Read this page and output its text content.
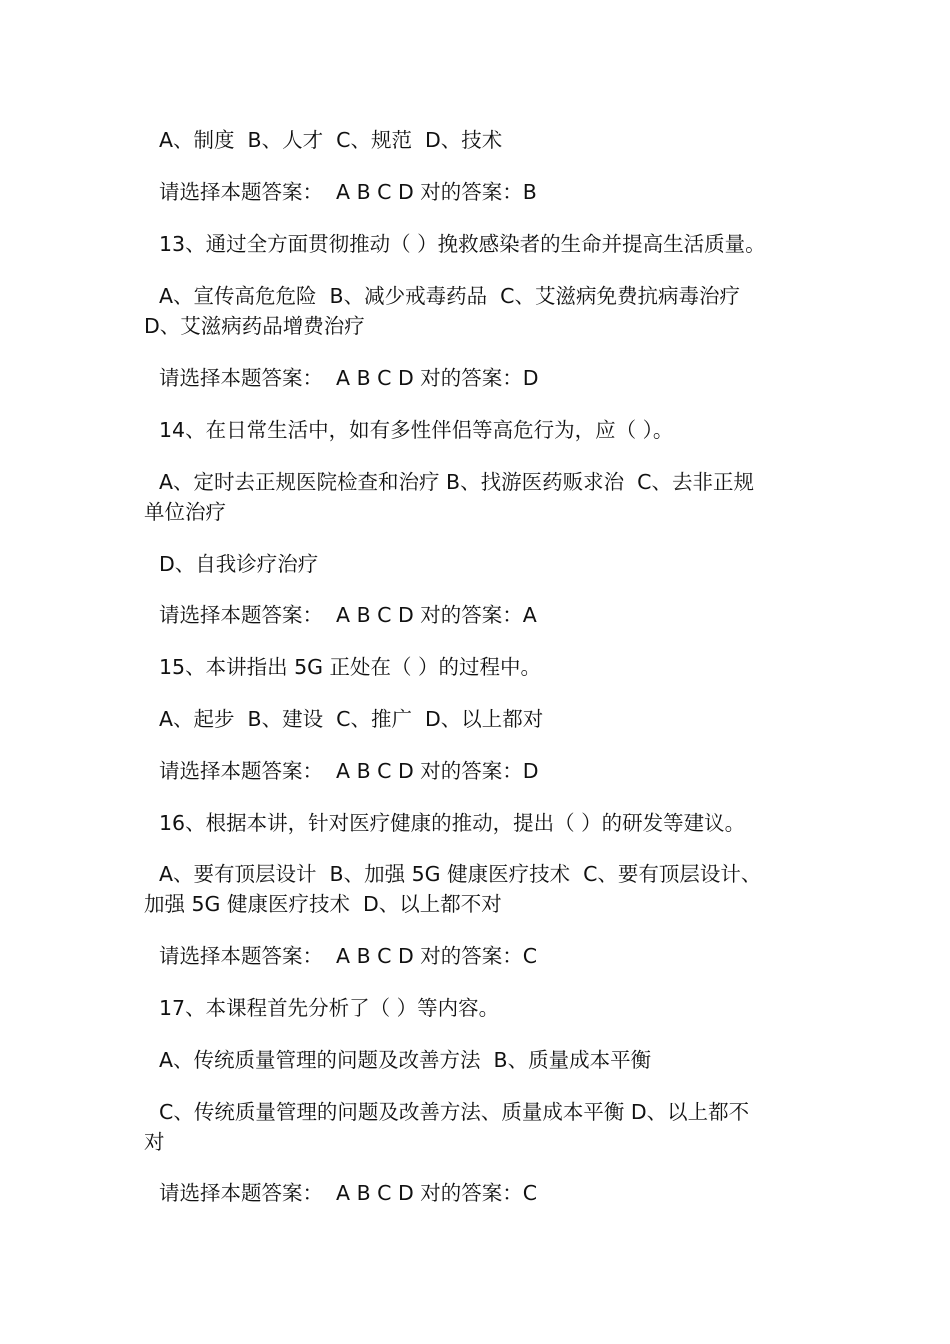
A、制度  B、人才  C、规范  D、技术
请选择本题答案：  A B C D 对的答案：B
13、通过全方面贯彻推动（ ）挽救感染者的生命并提高生活质量。
A、宣传高危危险  B、减少戒毒药品  C、艾滋病免费抗病毒治疗
D、艾滋病药品增费治疗
请选择本题答案：  A B C D 对的答案：D
14、在日常生活中，如有多性伴侣等高危行为，应（ ）。
A、定时去正规医院检查和治疗 B、找游医药贩求治  C、去非正规
单位治疗
D、自我诊疗治疗
请选择本题答案：  A B C D 对的答案：A
15、本讲指出 5G 正处在（ ）的过程中。
A、起步  B、建设  C、推广  D、以上都对
请选择本题答案：  A B C D 对的答案：D
16、根据本讲，针对医疗健康的推动，提出（ ）的研发等建议。
A、要有顶层设计  B、加强 5G 健康医疗技术  C、要有顶层设计、
加强 5G 健康医疗技术  D、以上都不对
请选择本题答案：  A B C D 对的答案：C
17、本课程首先分析了（ ）等内容。
A、传统质量管理的问题及改善方法  B、质量成本平衡
C、传统质量管理的问题及改善方法、质量成本平衡 D、以上都不
对
请选择本题答案：  A B C D 对的答案：C
